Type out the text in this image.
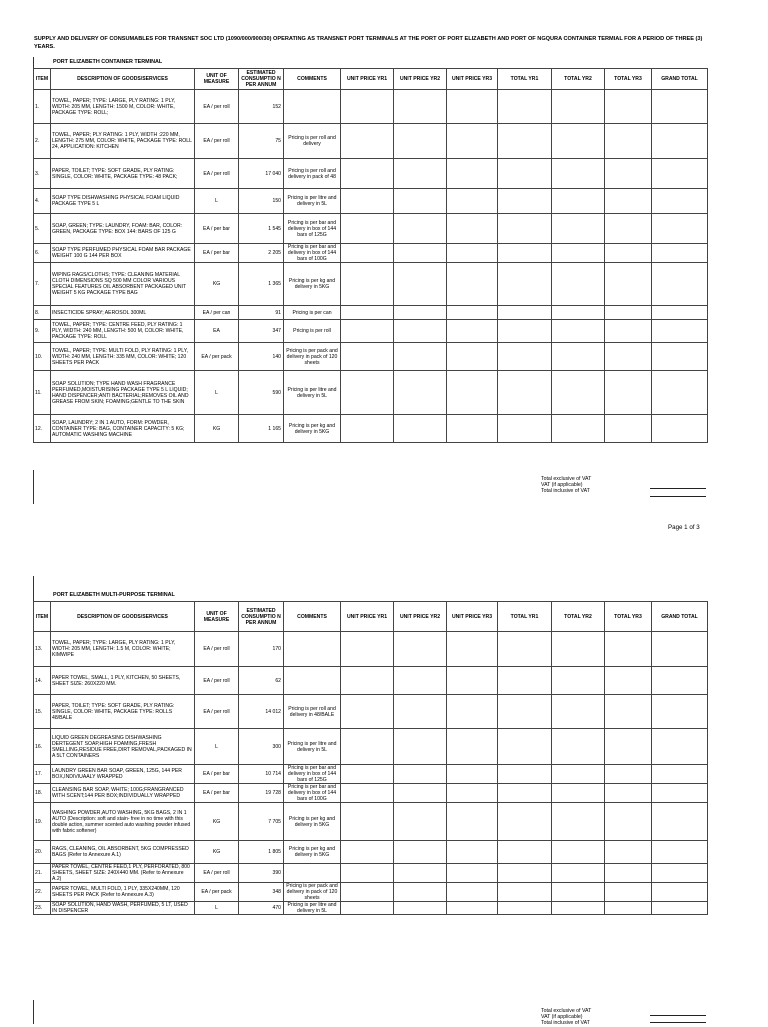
SUPPLY AND DELIVERY OF CONSUMABLES FOR TRANSNET SOC LTD (1090/000/900/30) OPERATING AS TRANSNET PORT TERMINALS AT THE PORT OF PORT ELIZABETH AND PORT OF NGQURA CONTAINER TERMIAL FOR A PERIOD OF THREE (3) YEARS.
PORT ELIZABETH CONTAINER TERMINAL
ITEM	DESCRIPTION OF GOODS/SERVICES	UNIT OF MEASURE	ESTIMATED CONSUMPTIO N PER ANNUM	COMMENTS	UNIT PRICE YR1	UNIT PRICE YR2	UNIT PRICE YR3	TOTAL YR1	TOTAL YR2	TOTAL YR3	GRAND TOTAL
1.	TOWEL, PAPER; TYPE: LARGE, PLY RATING: 1 PLY, WIDTH: 205 MM, LENGTH: 1500 M, COLOR: WHITE, PACKAGE TYPE: ROLL;	EA / per roll	152								
2.	TOWEL, PAPER; PLY RATING: 1 PLY, WIDTH :220 MM, LENGTH: 275 MM, COLOR: WHITE, PACKAGE TYPE: ROLL 24, APPLICATION: KITCHEN	EA / per roll	75	Pricing is per roll and delivery							
3.	PAPER, TOILET; TYPE: SOFT GRADE, PLY RATING: SINGLE, COLOR: WHITE, PACKAGE TYPE: 48 PACK;	EA / per roll	17 040	Pricing is per roll and delivery in pack of 48							
4.	SOAP TYPE DISHWASHING PHYSICAL FOAM LIQUID PACKAGE TYPE 5 L	L	150	Pricing is per litre and delivery in 5L							
5.	SOAP, GREEN; TYPE: LAUNDRY, FOAM: BAR, COLOR: GREEN, PACKAGE TYPE: BOX 144: BARS OF 125 G	EA / per bar	1 545	Pricing is per bar and delivery in box of 144 bars of 125G							
6.	SOAP TYPE PERFUMED PHYSICAL FOAM BAR PACKAGE WEIGHT 100 G 144 PER BOX	EA / per bar	2 205	Pricing is per bar and delivery in box of 144 bars of 100G							
7.	WIPING RAGS/CLOTHS; TYPE: CLEANING MATERIAL CLOTH DIMENSIONS SQ 500 MM COLOR VARIOUS SPECIAL FEATURES OIL ABSORBENT PACKAGED UNIT WEIGHT 5 KG PACKAGE TYPE BAG	KG	1 365	Pricing is per kg and delivery in 5KG							
8.	INSECTICIDE SPRAY; AEROSOL 300ML	EA / per can	91	Pricing is per can							
9.	TOWEL, PAPER; TYPE: CENTRE FEED, PLY RATING: 1 PLY, WIDTH: 240 MM, LENGTH: 500 M, COLOR: WHITE, PACKAGE TYPE: ROLL	EA	347	Pricing is per roll							
10.	TOWEL, PAPER; TYPE: MULTI FOLD, PLY RATING: 1 PLY, WIDTH: 240 MM, LENGTH: 335 MM, COLOR: WHITE; 120 SHEETS PER PACK	EA / per pack	140	Pricing is per pack and delivery in pack of 120 sheets							
11.	SOAP SOLUTION; TYPE HAND WASH FRAGRANCE PERFUMED,MOISTURISING PACKAGE TYPE 5 L LIQUID; HAND DISPENCER;ANTI BACTERIAL;REMOVES OIL AND GREASE FROM SKIN; FOAMING;GENTLE TO THE SKIN	L	590	Pricing is per litre and delivery in 5L							
12.	SOAP, LAUNDRY; 2 IN 1 AUTO, FORM: POWDER, CONTAINER TYPE: BAG, CONTAINER CAPACITY: 5 KG; AUTOMATIC WASHING MACHINE	KG	1 165	Pricing is per kg and delivery in 5KG							
Total exclusive of VAT
VAT (if applicable)
Total inclusive of VAT
Page 1 of 3
PORT ELIZABETH MULTI-PURPOSE TERMINAL
ITEM	DESCRIPTION OF GOODS/SERVICES	UNIT OF MEASURE	ESTIMATED CONSUMPTIO N PER ANNUM	COMMENTS	UNIT PRICE YR1	UNIT PRICE YR2	UNIT PRICE YR3	TOTAL YR1	TOTAL YR2	TOTAL YR3	GRAND TOTAL
13.	TOWEL, PAPER; TYPE: LARGE, PLY RATING: 1 PLY, WIDTH: 205 MM, LENGTH: 1.5 M, COLOR: WHITE; KIMWIPE	EA / per roll	170								
14.	PAPER TOWEL, SMALL, 1 PLY, KITCHEN, 50 SHEETS, SHEET SIZE: 260X220 MM.	EA / per roll	62								
15.	PAPER, TOILET; TYPE: SOFT GRADE, PLY RATING: SINGLE, COLOR: WHITE, PACKAGE TYPE: ROLLS 48/BALE	EA / per roll	14 012	Pricing is per roll and delivery in 48/BALE							
16.	LIQUID GREEN DEGREASING DISHWASHING DERTEGENT SOAP,HIGH FOAMING,FRESH SMELLING,RESIDUE FREE,DIRT REMOVAL,PACKAGED IN A 5LT CONTAINERS	L	300	Pricing is per litre and delivery in 5L							
17.	LAUNDRY GREEN BAR SOAP, GREEN, 125G, 144 PER BOX,INDIVIUAALY WRAPPED	EA / per bar	10 714	Pricing is per bar and delivery in box of 144 bars of 125G							
18.	CLEANSING BAR SOAP, WHITE; 100G;FRANGRANCED WITH SCENT;144 PER BOX;INDIVIDUALLY WRAPPED	EA / per bar	19 728	Pricing is per bar and delivery in box of 144 bars of 100G							
19.	WASHING POWDER,AUTO WASHING, 5KG BAGS, 2 IN 1 AUTO (Description: soft and stain- free in no time with this double action, summer scented auto washing powder infused with fabric softener)	KG	7 705	Pricing is per kg and delivery in 5KG							
20.	RAGS, CLEANING, OIL ABSORBENT, 5KG COMPRESSED BAGS (Refer to Annexure A.1)	KG	1 805	Pricing is per kg and delivery in 5KG							
21.	PAPER TOWEL, CENTRE FEED,1 PLY, PERFORATED, 800 SHEETS, SHEET SIZE: 240X440 MM. (Refer to Annexure A.2)	EA / per roll	390								
22.	PAPER TOWEL, MULTI FOLD, 1 PLY, 335X240MM, 120 SHEETS PER PACK (Refer to Annexure A.3)	EA / per pack	348	Pricing is per pack and delivery in pack of 120 sheets							
23.	SOAP SOLUTION, HAND WASH, PERFUMED, 5 LT, USED IN DISPENCER	L	470	Pricing is per litre and delivery in 5L							
Total exclusive of VAT
VAT (if applicable)
Total inclusive of VAT
